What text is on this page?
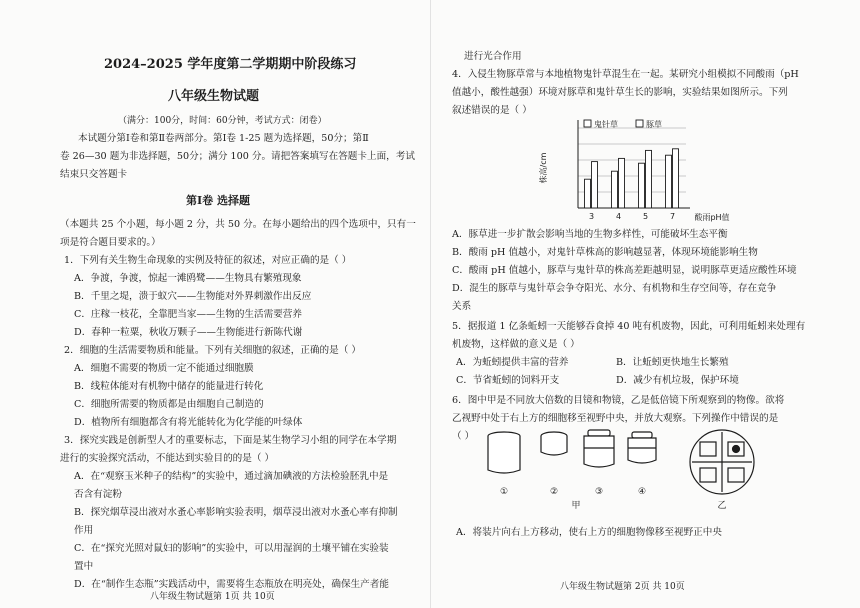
2024–2025 学年度第二学期期中阶段练习
八年级生物试题
（满分：100分，时间：60分钟，考试方式：闭卷）
本试题分第Ⅰ卷和第Ⅱ卷两部分。第Ⅰ卷 1-25 题为选择题，50分；第Ⅱ
卷 26—30 题为非选择题，50分；满分 100 分。请把答案填写在答题卡上面，考试
结束只交答题卡
第Ⅰ卷 选择题
（本题共 25 个小题，每小题 2 分，共 50 分。在每小题给出的四个选项中，只有一
项是符合题目要求的。）
1．下列有关生物生命现象的实例及特征的叙述，对应正确的是（ ）
A．争渡，争渡，惊起一滩鸥鹭——生物具有繁殖现象
B．千里之堤，溃于蚁穴——生物能对外界刺激作出反应
C．庄稼一枝花，全靠肥当家——生物的生活需要营养
D．春种一粒粟，秋收万颗子——生物能进行新陈代谢
2．细胞的生活需要物质和能量。下列有关细胞的叙述，正确的是（ ）
A．细胞不需要的物质一定不能通过细胞膜
B．线粒体能对有机物中储存的能量进行转化
C．细胞所需要的物质都是由细胞自己制造的
D．植物所有细胞都含有将光能转化为化学能的叶绿体
3．探究实践是创新型人才的重要标志，下面是某生物学习小组的同学在本学期
进行的实验探究活动，不能达到实验目的的是（ ）
A．在“观察玉米种子的结构”的实验中，通过滴加碘液的方法检验胚乳中是
否含有淀粉
B．探究烟草浸出液对水蚤心率影响实验表明，烟草浸出液对水蚤心率有抑制
作用
C．在“探究光照对鼠妇的影响”的实验中，可以用湿润的土壤平铺在实验装
置中
D．在“制作生态瓶”实践活动中，需要将生态瓶放在明亮处，确保生产者能
八年级生物试题第 1页 共 10页
进行光合作用
4．入侵生物豚草常与本地植物鬼针草混生在一起。某研究小组模拟不同酸雨（pH
值越小，酸性越强）环境对豚草和鬼针草生长的影响，实验结果如图所示。下列
叙述错误的是（ ）
株高/cm
酸雨pH值
3	4	5	7
鬼针草	豚草
A．豚草进一步扩散会影响当地的生物多样性，可能破坏生态平衡
B．酸雨 pH 值越小，对鬼针草株高的影响越显著，体现环境能影响生物
C．酸雨 pH 值越小，豚草与鬼针草的株高差距越明显，说明豚草更适应酸性环境
D．混生的豚草与鬼针草会争夺阳光、水分、有机物和生存空间等，存在竞争
关系
5．据报道 1 亿条蚯蚓一天能够吞食掉 40 吨有机废物，因此，可利用蚯蚓来处理有
机废物，这样做的意义是（ ）
A．为蚯蚓提供丰富的营养	B．让蚯蚓更快地生长繁殖
C．节省蚯蚓的饲料开支	D．减少有机垃圾，保护环境
6．图中甲是不同放大倍数的目镜和物镜，乙是低倍镜下所观察到的物像。欲将
乙视野中处于右上方的细胞移至视野中央，并放大观察。下列操作中错误的是
（ ）
①	②	③	④
甲	乙
A．将装片向右上方移动，使右上方的细胞物像移至视野正中央
八年级生物试题第 2页 共 10页
